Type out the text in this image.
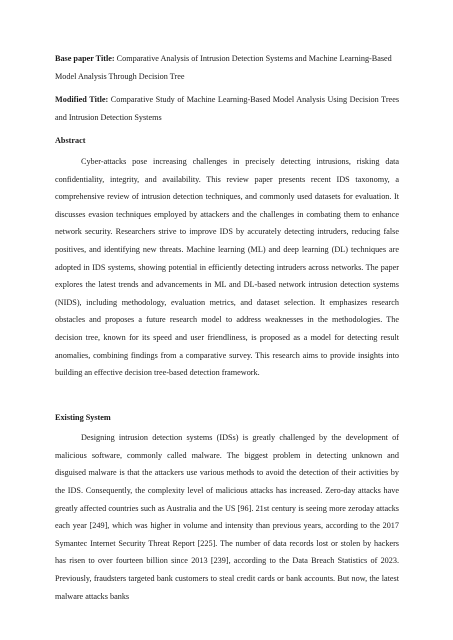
Base paper Title: Comparative Analysis of Intrusion Detection Systems and Machine Learning-Based Model Analysis Through Decision Tree

Modified Title: Comparative Study of Machine Learning-Based Model Analysis Using Decision Trees and Intrusion Detection Systems

Abstract

Cyber-attacks pose increasing challenges in precisely detecting intrusions, risking data confidentiality, integrity, and availability. This review paper presents recent IDS taxonomy, a comprehensive review of intrusion detection techniques, and commonly used datasets for evaluation. It discusses evasion techniques employed by attackers and the challenges in combating them to enhance network security. Researchers strive to improve IDS by accurately detecting intruders, reducing false positives, and identifying new threats. Machine learning (ML) and deep learning (DL) techniques are adopted in IDS systems, showing potential in efficiently detecting intruders across networks. The paper explores the latest trends and advancements in ML and DL-based network intrusion detection systems (NIDS), including methodology, evaluation metrics, and dataset selection. It emphasizes research obstacles and proposes a future research model to address weaknesses in the methodologies. The decision tree, known for its speed and user friendliness, is proposed as a model for detecting result anomalies, combining findings from a comparative survey. This research aims to provide insights into building an effective decision tree-based detection framework.

Existing System

Designing intrusion detection systems (IDSs) is greatly challenged by the development of malicious software, commonly called malware. The biggest problem in detecting unknown and disguised malware is that the attackers use various methods to avoid the detection of their activities by the IDS. Consequently, the complexity level of malicious attacks has increased. Zero-day attacks have greatly affected countries such as Australia and the US [96]. 21st century is seeing more zeroday attacks each year [249], which was higher in volume and intensity than previous years, according to the 2017 Symantec Internet Security Threat Report [225]. The number of data records lost or stolen by hackers has risen to over fourteen billion since 2013 [239], according to the Data Breach Statistics of 2023. Previously, fraudsters targeted bank customers to steal credit cards or bank accounts. But now, the latest malware attacks banks
